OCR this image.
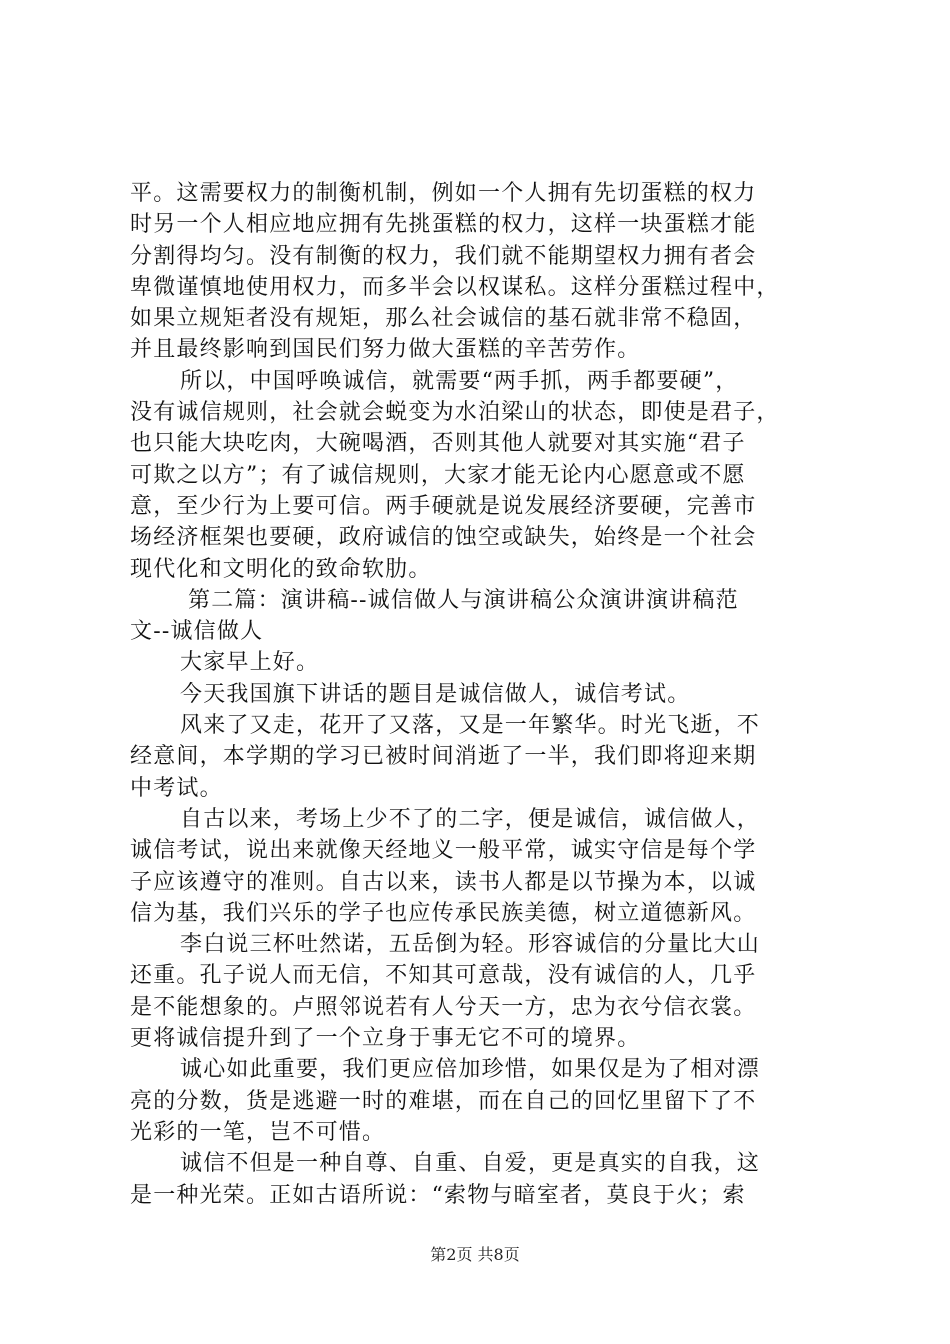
平。这需要权力的制衡机制，例如一个人拥有先切蛋糕的权力
时另一个人相应地应拥有先挑蛋糕的权力，这样一块蛋糕才能
分割得均匀。没有制衡的权力，我们就不能期望权力拥有者会
卑微谨慎地使用权力，而多半会以权谋私。这样分蛋糕过程中，
如果立规矩者没有规矩，那么社会诚信的基石就非常不稳固，
并且最终影响到国民们努力做大蛋糕的辛苦劳作。
所以，中国呼唤诚信，就需要“两手抓，两手都要硬”，
没有诚信规则，社会就会蜕变为水泊梁山的状态，即使是君子，
也只能大块吃肉，大碗喝酒，否则其他人就要对其实施“君子
可欺之以方”；有了诚信规则，大家才能无论内心愿意或不愿
意，至少行为上要可信。两手硬就是说发展经济要硬，完善市
场经济框架也要硬，政府诚信的蚀空或缺失，始终是一个社会
现代化和文明化的致命软肋。
第二篇：演讲稿--诚信做人与演讲稿公众演讲演讲稿范
文--诚信做人
大家早上好。
今天我国旗下讲话的题目是诚信做人，诚信考试。
风来了又走，花开了又落，又是一年繁华。时光飞逝，不
经意间，本学期的学习已被时间消逝了一半，我们即将迎来期
中考试。
自古以来，考场上少不了的二字，便是诚信，诚信做人，
诚信考试，说出来就像天经地义一般平常，诚实守信是每个学
子应该遵守的准则。自古以来，读书人都是以节操为本，以诚
信为基，我们兴乐的学子也应传承民族美德，树立道德新风。
李白说三杯吐然诺，五岳倒为轻。形容诚信的分量比大山
还重。孔子说人而无信，不知其可意哉，没有诚信的人，几乎
是不能想象的。卢照邻说若有人兮天一方，忠为衣兮信衣裳。
更将诚信提升到了一个立身于事无它不可的境界。
诚心如此重要，我们更应倍加珍惜，如果仅是为了相对漂
亮的分数，货是逃避一时的难堪，而在自己的回忆里留下了不
光彩的一笔，岂不可惜。
诚信不但是一种自尊、自重、自爱，更是真实的自我，这
是一种光荣。正如古语所说：“索物与暗室者，莫良于火；索
第2页 共8页
